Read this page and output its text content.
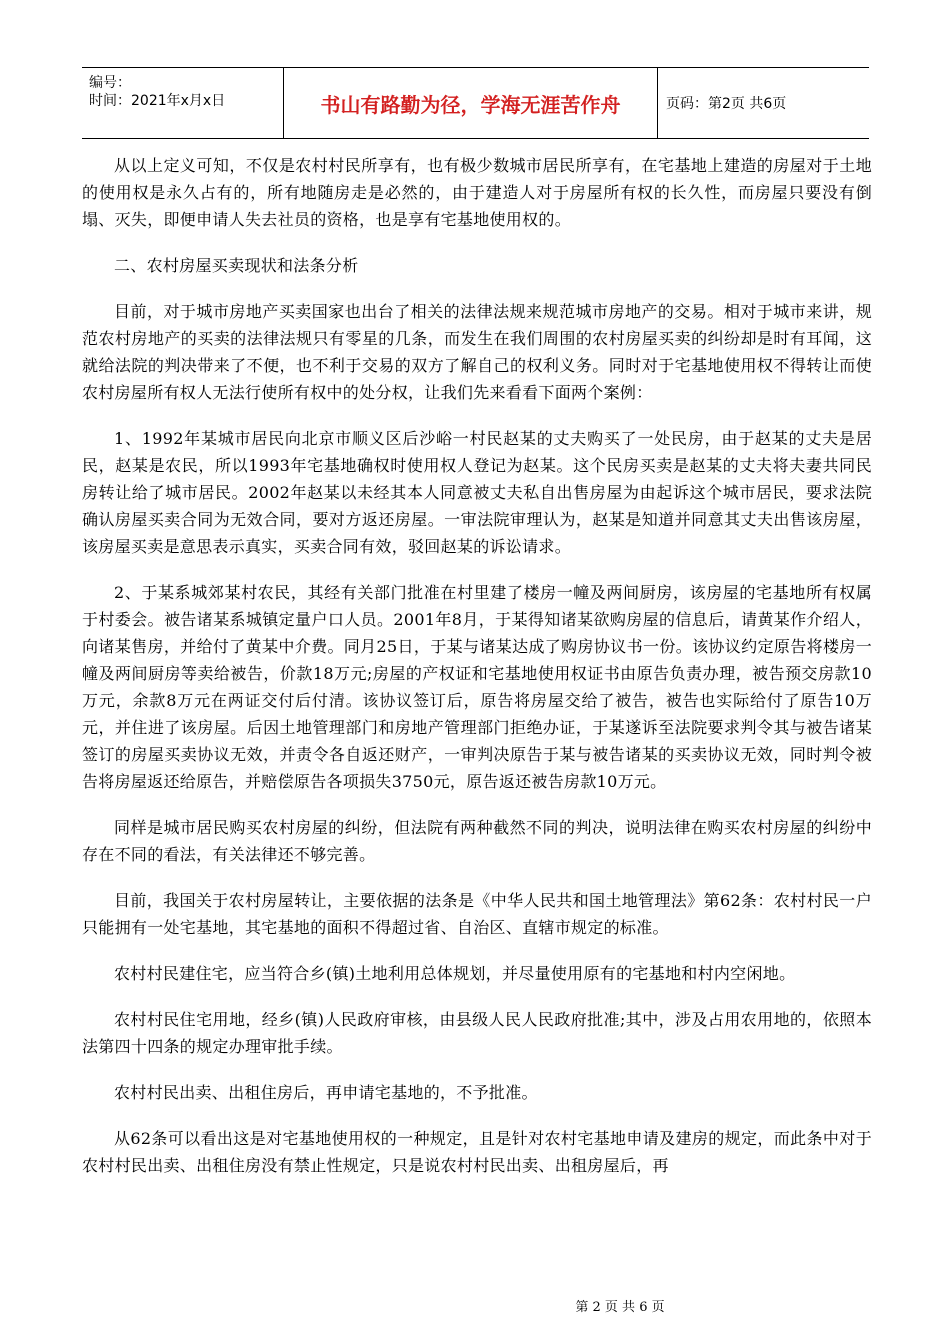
编号：
时间：2021年x月x日	书山有路勤为径，学海无涯苦作舟	页码：第2页 共6页

从以上定义可知，不仅是农村村民所享有，也有极少数城市居民所享有，在宅基地上建造的房屋对于土地的使用权是永久占有的，所有地随房走是必然的，由于建造人对于房屋所有权的长久性，而房屋只要没有倒塌、灭失，即便申请人失去社员的资格，也是享有宅基地使用权的。

二、农村房屋买卖现状和法条分析

目前，对于城市房地产买卖国家也出台了相关的法律法规来规范城市房地产的交易。相对于城市来讲，规范农村房地产的买卖的法律法规只有零星的几条，而发生在我们周围的农村房屋买卖的纠纷却是时有耳闻，这就给法院的判决带来了不便，也不利于交易的双方了解自己的权利义务。同时对于宅基地使用权不得转让而使农村房屋所有权人无法行使所有权中的处分权，让我们先来看看下面两个案例：

1、1992年某城市居民向北京市顺义区后沙峪一村民赵某的丈夫购买了一处民房，由于赵某的丈夫是居民，赵某是农民，所以1993年宅基地确权时使用权人登记为赵某。这个民房买卖是赵某的丈夫将夫妻共同民房转让给了城市居民。2002年赵某以未经其本人同意被丈夫私自出售房屋为由起诉这个城市居民，要求法院确认房屋买卖合同为无效合同，要对方返还房屋。一审法院审理认为，赵某是知道并同意其丈夫出售该房屋，该房屋买卖是意思表示真实，买卖合同有效，驳回赵某的诉讼请求。

2、于某系城郊某村农民，其经有关部门批准在村里建了楼房一幢及两间厨房，该房屋的宅基地所有权属于村委会。被告诸某系城镇定量户口人员。2001年8月，于某得知诸某欲购房屋的信息后，请黄某作介绍人，向诸某售房，并给付了黄某中介费。同月25日，于某与诸某达成了购房协议书一份。该协议约定原告将楼房一幢及两间厨房等卖给被告，价款18万元;房屋的产权证和宅基地使用权证书由原告负责办理，被告预交房款10万元，余款8万元在两证交付后付清。该协议签订后，原告将房屋交给了被告，被告也实际给付了原告10万元，并住进了该房屋。后因土地管理部门和房地产管理部门拒绝办证，于某遂诉至法院要求判令其与被告诸某签订的房屋买卖协议无效，并责令各自返还财产，一审判决原告于某与被告诸某的买卖协议无效，同时判令被告将房屋返还给原告，并赔偿原告各项损失3750元，原告返还被告房款10万元。

同样是城市居民购买农村房屋的纠纷，但法院有两种截然不同的判决，说明法律在购买农村房屋的纠纷中存在不同的看法，有关法律还不够完善。

目前，我国关于农村房屋转让，主要依据的法条是《中华人民共和国土地管理法》第62条：农村村民一户只能拥有一处宅基地，其宅基地的面积不得超过省、自治区、直辖市规定的标准。

农村村民建住宅，应当符合乡(镇)土地利用总体规划，并尽量使用原有的宅基地和村内空闲地。

农村村民住宅用地，经乡(镇)人民政府审核，由县级人民人民政府批准;其中，涉及占用农用地的，依照本法第四十四条的规定办理审批手续。

农村村民出卖、出租住房后，再申请宅基地的，不予批准。

从62条可以看出这是对宅基地使用权的一种规定，且是针对农村宅基地申请及建房的规定，而此条中对于农村村民出卖、出租住房没有禁止性规定，只是说农村村民出卖、出租房屋后，再

第 2 页 共 6 页
